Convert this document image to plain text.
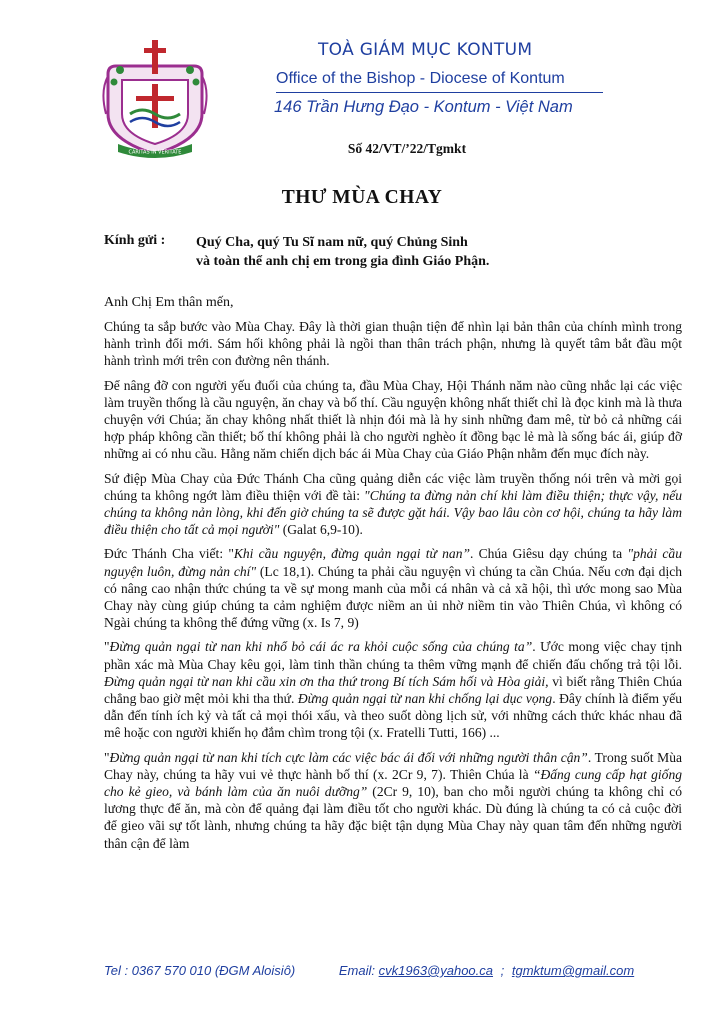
CARITAS IN VERITATE
TOÀ GIÁM MỤC KONTUM
Office of the Bishop - Diocese of Kontum
146 Trần Hưng Đạo - Kontum - Việt Nam
Số 42/VT/’22/Tgmkt
THƯ MÙA CHAY
Kính gửi : Quý Cha, quý Tu Sĩ nam nữ, quý Chủng Sinh
và toàn thể anh chị em trong gia đình Giáo Phận.
Anh Chị Em thân mến,

Chúng ta sắp bước vào Mùa Chay. Đây là thời gian thuận tiện để nhìn lại bản thân của chính mình trong hành trình đổi mới. Sám hối không phải là ngồi than thân trách phận, nhưng là quyết tâm bắt đầu một hành trình mới trên con đường nên thánh.

Để nâng đỡ con người yếu đuối của chúng ta, đầu Mùa Chay, Hội Thánh năm nào cũng nhắc lại các việc làm truyền thống là cầu nguyện, ăn chay và bố thí. Cầu nguyện không nhất thiết chỉ là đọc kinh mà là thưa chuyện với Chúa; ăn chay không nhất thiết là nhịn đói mà là hy sinh những đam mê, từ bỏ cả những cái hợp pháp không cần thiết; bố thí không phải là cho người nghèo ít đồng bạc lẻ mà là sống bác ái, giúp đỡ những ai có nhu cầu. Hằng năm chiến dịch bác ái Mùa Chay của Giáo Phận nhằm đến mục đích này.

Sứ điệp Mùa Chay của Đức Thánh Cha cũng quảng diễn các việc làm truyền thống nói trên và mời gọi chúng ta không ngớt làm điều thiện với đề tài: "Chúng ta đừng nản chí khi làm điều thiện; thực vậy, nếu chúng ta không nản lòng, khi đến giờ chúng ta sẽ được gặt hái. Vậy bao lâu còn cơ hội, chúng ta hãy làm điều thiện cho tất cả mọi người" (Galat 6,9-10).

Đức Thánh Cha viết: "Khi cầu nguyện, đừng quản ngại từ nan”. Chúa Giêsu dạy chúng ta "phải cầu nguyện luôn, đừng nản chí" (Lc 18,1). Chúng ta phải cầu nguyện vì chúng ta cần Chúa. Nếu cơn đại dịch có nâng cao nhận thức chúng ta về sự mong manh của mỗi cá nhân và cả xã hội, thì ước mong sao Mùa Chay này cùng giúp chúng ta cảm nghiệm được niềm an ủi nhờ niềm tin vào Thiên Chúa, vì không có Ngài chúng ta không thể đứng vững (x. Is 7, 9)

"Đừng quản ngại từ nan khi nhổ bỏ cái ác ra khỏi cuộc sống của chúng ta”. Ước mong việc chay tịnh phần xác mà Mùa Chay kêu gọi, làm tinh thần chúng ta thêm vững mạnh để chiến đấu chống trả tội lỗi. Đừng quản ngại từ nan khi cầu xin ơn tha thứ trong Bí tích Sám hối và Hòa giải, vì biết rằng Thiên Chúa chẳng bao giờ mệt mỏi khi tha thứ. Đừng quản ngại từ nan khi chống lại dục vọng. Đây chính là điểm yếu dẫn đến tính ích kỷ và tất cả mọi thói xấu, và theo suốt dòng lịch sử, với những cách thức khác nhau đã mê hoặc con người khiến họ đắm chìm trong tội (x. Fratelli Tutti, 166) ...

"Đừng quản ngại từ nan khi tích cực làm các việc bác ái đối với những người thân cận”. Trong suốt Mùa Chay này, chúng ta hãy vui vẻ thực hành bố thí (x. 2Cr 9, 7). Thiên Chúa là “Đấng cung cấp hạt giống cho kẻ gieo, và bánh làm của ăn nuôi dưỡng” (2Cr 9, 10), ban cho mỗi người chúng ta không chỉ có lương thực để ăn, mà còn để quảng đại làm điều tốt cho người khác. Dù đúng là chúng ta có cả cuộc đời để gieo vãi sự tốt lành, nhưng chúng ta hãy đặc biệt tận dụng Mùa Chay này quan tâm đến những người thân cận để làm

Tel : 0367 570 010 (ĐGM Aloisiô)	Email: cvk1963@yahoo.ca ; tgmktum@gmail.com
